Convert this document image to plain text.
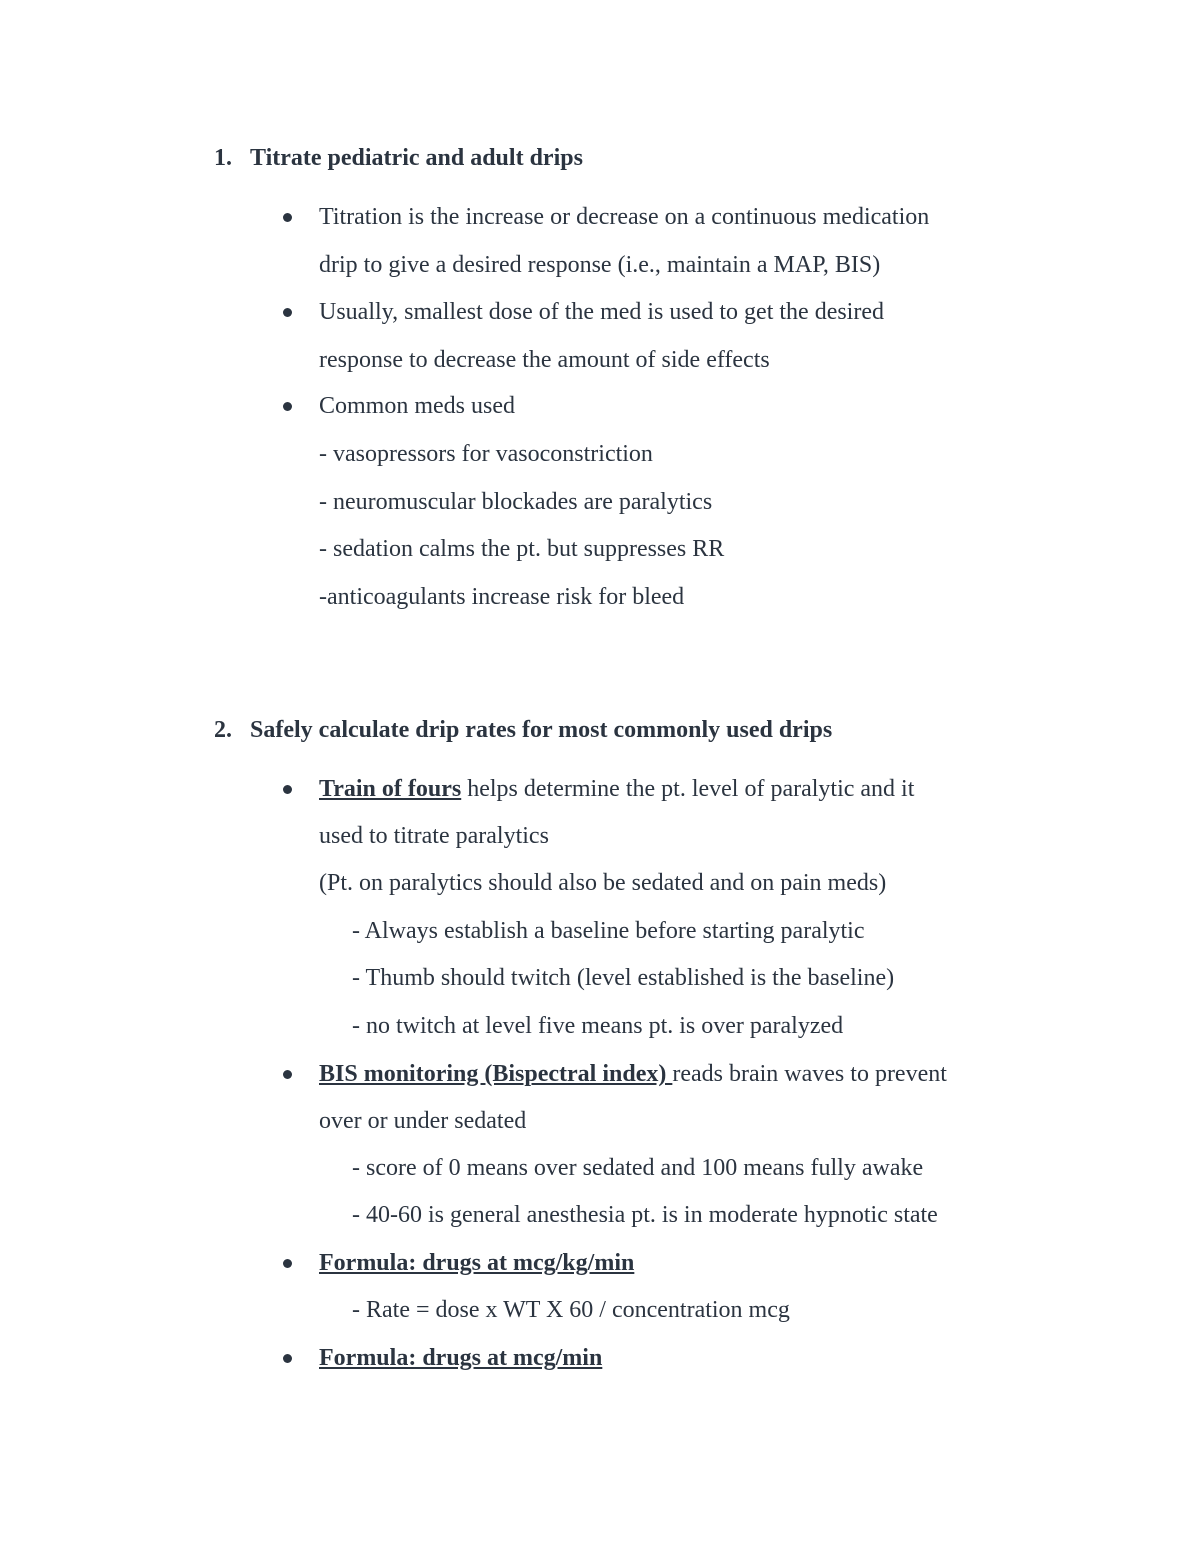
1. Titrate pediatric and adult drips
Titration is the increase or decrease on a continuous medication
drip to give a desired response (i.e., maintain a MAP, BIS)
Usually, smallest dose of the med is used to get the desired
response to decrease the amount of side effects
Common meds used
- vasopressors for vasoconstriction
- neuromuscular blockades are paralytics
- sedation calms the pt. but suppresses RR
-anticoagulants increase risk for bleed
2. Safely calculate drip rates for most commonly used drips
Train of fours helps determine the pt. level of paralytic and it
used to titrate paralytics
(Pt. on paralytics should also be sedated and on pain meds)
- Always establish a baseline before starting paralytic
- Thumb should twitch (level established is the baseline)
- no twitch at level five means pt. is over paralyzed
BIS monitoring (Bispectral index) reads brain waves to prevent
over or under sedated
- score of 0 means over sedated and 100 means fully awake
- 40-60 is general anesthesia pt. is in moderate hypnotic state
Formula: drugs at mcg/kg/min
- Rate = dose x WT X 60 / concentration mcg
Formula: drugs at mcg/min
